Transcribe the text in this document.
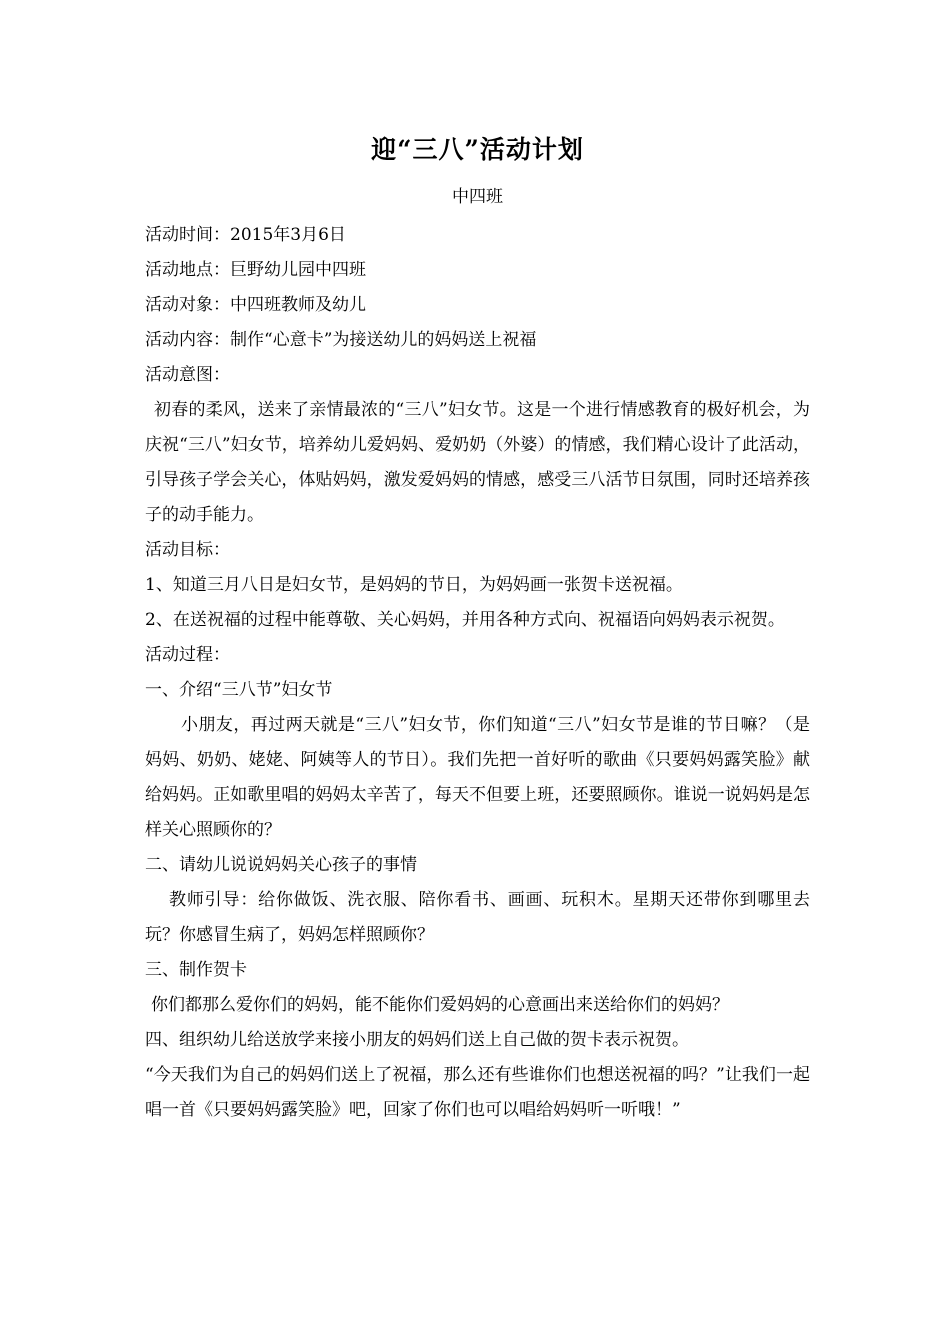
迎“三八”活动计划

中四班

活动时间：2015年3月6日

活动地点：巨野幼儿园中四班

活动对象：中四班教师及幼儿

活动内容：制作“心意卡”为接送幼儿的妈妈送上祝福

活动意图：

初春的柔风，送来了亲情最浓的“三八”妇女节。这是一个进行情感教育的极好机会，为庆祝“三八”妇女节，培养幼儿爱妈妈、爱奶奶（外婆）的情感，我们精心设计了此活动，引导孩子学会关心，体贴妈妈，激发爱妈妈的情感，感受三八活节日氛围，同时还培养孩子的动手能力。

活动目标：

1、知道三月八日是妇女节，是妈妈的节日，为妈妈画一张贺卡送祝福。

2、在送祝福的过程中能尊敬、关心妈妈，并用各种方式向、祝福语向妈妈表示祝贺。

活动过程：

一、介绍“三八节”妇女节

小朋友，再过两天就是“三八”妇女节，你们知道“三八”妇女节是谁的节日嘛？（是妈妈、奶奶、姥姥、阿姨等人的节日）。我们先把一首好听的歌曲《只要妈妈露笑脸》献给妈妈。正如歌里唱的妈妈太辛苦了，每天不但要上班，还要照顾你。谁说一说妈妈是怎样关心照顾你的？

二、请幼儿说说妈妈关心孩子的事情

教师引导：给你做饭、洗衣服、陪你看书、画画、玩积木。星期天还带你到哪里去玩？你感冒生病了，妈妈怎样照顾你？

三、制作贺卡

你们都那么爱你们的妈妈，能不能你们爱妈妈的心意画出来送给你们的妈妈？

四、组织幼儿给送放学来接小朋友的妈妈们送上自己做的贺卡表示祝贺。

“今天我们为自己的妈妈们送上了祝福，那么还有些谁你们也想送祝福的吗？”让我们一起唱一首《只要妈妈露笑脸》吧，回家了你们也可以唱给妈妈听一听哦！”
